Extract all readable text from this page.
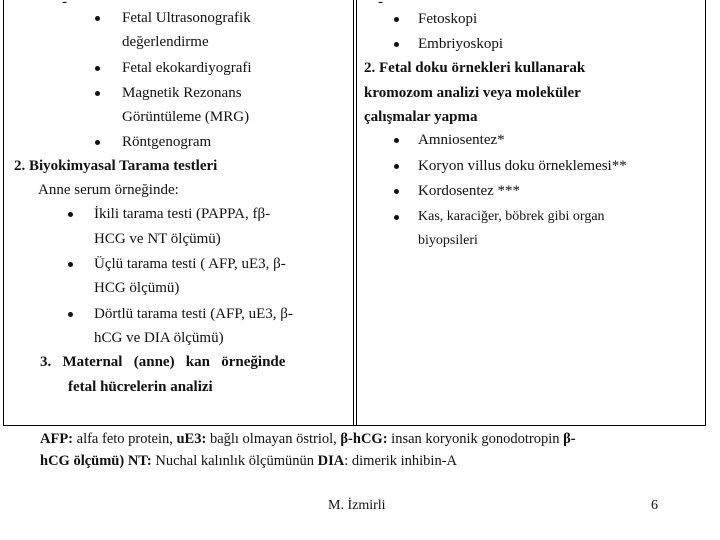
-
Fetal Ultrasonografik
değerlendirme
Fetal ekokardiyografi
Magnetik Rezonans
Görüntüleme (MRG)
Röntgenogram
2. Biyokimyasal Tarama testleri
Anne serum örneğinde:
İkili tarama testi (PAPPA, fβ-
HCG ve NT ölçümü)
Üçlü tarama testi ( AFP, uE3, β-
HCG ölçümü)
Dörtlü tarama testi (AFP, uE3, β-
hCG ve DIA ölçümü)
3.   Maternal   (anne)   kan   örneğinde
fetal hücrelerin analizi
-
Fetoskopi
Embriyoskopi
2. Fetal doku örnekleri kullanarak
kromozom analizi veya moleküler
çalışmalar yapma
Amniosentez*
Koryon villus doku örneklemesi**
Kordosentez ***
Kas, karaciğer, böbrek gibi organ
biyopsileri
AFP: alfa feto protein, uE3: bağlı olmayan östriol, β-hCG: insan koryonik gonodotropin β-
hCG ölçümü) NT: Nuchal kalınlık ölçümünün DIA: dimerik inhibin-A
M. İzmirli	6
